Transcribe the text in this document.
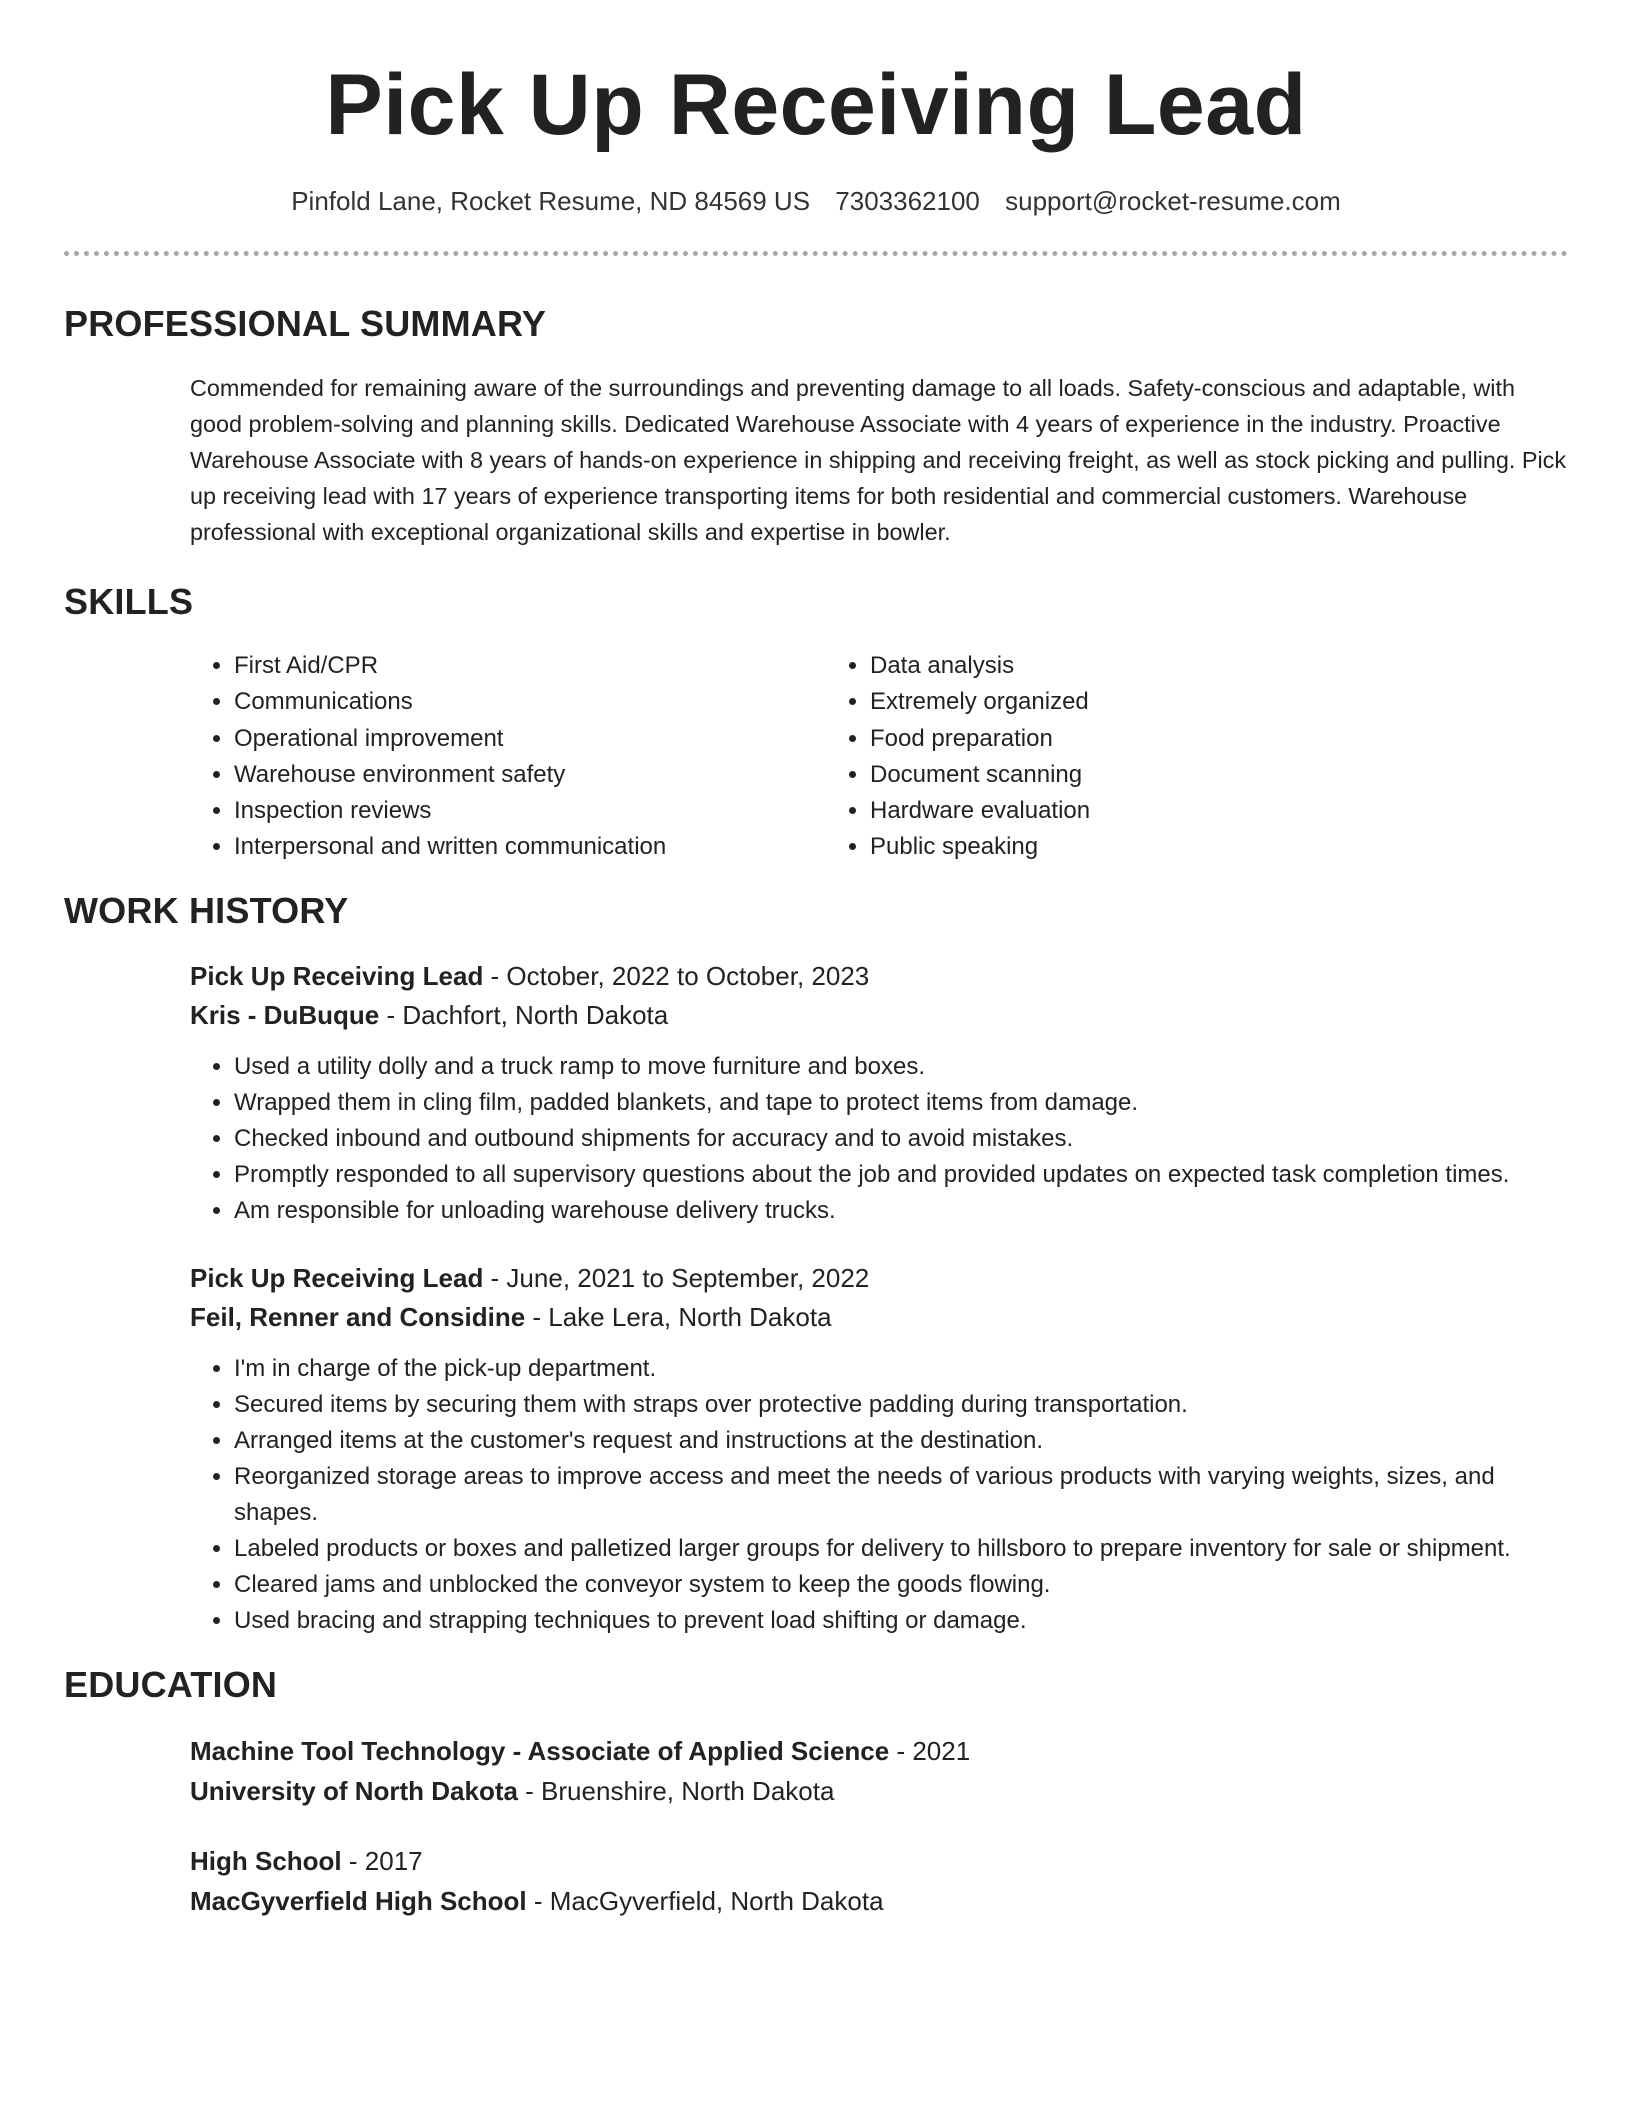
Pick Up Receiving Lead
Pinfold Lane, Rocket Resume, ND 84569 US 7303362100 support@rocket-resume.com
PROFESSIONAL SUMMARY

Commended for remaining aware of the surroundings and preventing damage to all loads. Safety-conscious and adaptable, with good problem-solving and planning skills. Dedicated Warehouse Associate with 4 years of experience in the industry. Proactive Warehouse Associate with 8 years of hands-on experience in shipping and receiving freight, as well as stock picking and pulling. Pick up receiving lead with 17 years of experience transporting items for both residential and commercial customers. Warehouse professional with exceptional organizational skills and expertise in bowler.

SKILLS
• First Aid/CPR
• Communications
• Operational improvement
• Warehouse environment safety
• Inspection reviews
• Interpersonal and written communication
• Data analysis
• Extremely organized
• Food preparation
• Document scanning
• Hardware evaluation
• Public speaking
WORK HISTORY
Pick Up Receiving Lead - October, 2022 to October, 2023
Kris - DuBuque - Dachfort, North Dakota
• Used a utility dolly and a truck ramp to move furniture and boxes.
• Wrapped them in cling film, padded blankets, and tape to protect items from damage.
• Checked inbound and outbound shipments for accuracy and to avoid mistakes.
• Promptly responded to all supervisory questions about the job and provided updates on expected task completion times.
• Am responsible for unloading warehouse delivery trucks.
Pick Up Receiving Lead - June, 2021 to September, 2022
Feil, Renner and Considine - Lake Lera, North Dakota
• I'm in charge of the pick-up department.
• Secured items by securing them with straps over protective padding during transportation.
• Arranged items at the customer's request and instructions at the destination.
• Reorganized storage areas to improve access and meet the needs of various products with varying weights, sizes, and shapes.
• Labeled products or boxes and palletized larger groups for delivery to hillsboro to prepare inventory for sale or shipment.
• Cleared jams and unblocked the conveyor system to keep the goods flowing.
• Used bracing and strapping techniques to prevent load shifting or damage.
EDUCATION
Machine Tool Technology - Associate of Applied Science - 2021
University of North Dakota - Bruenshire, North Dakota
High School - 2017
MacGyverfield High School - MacGyverfield, North Dakota
